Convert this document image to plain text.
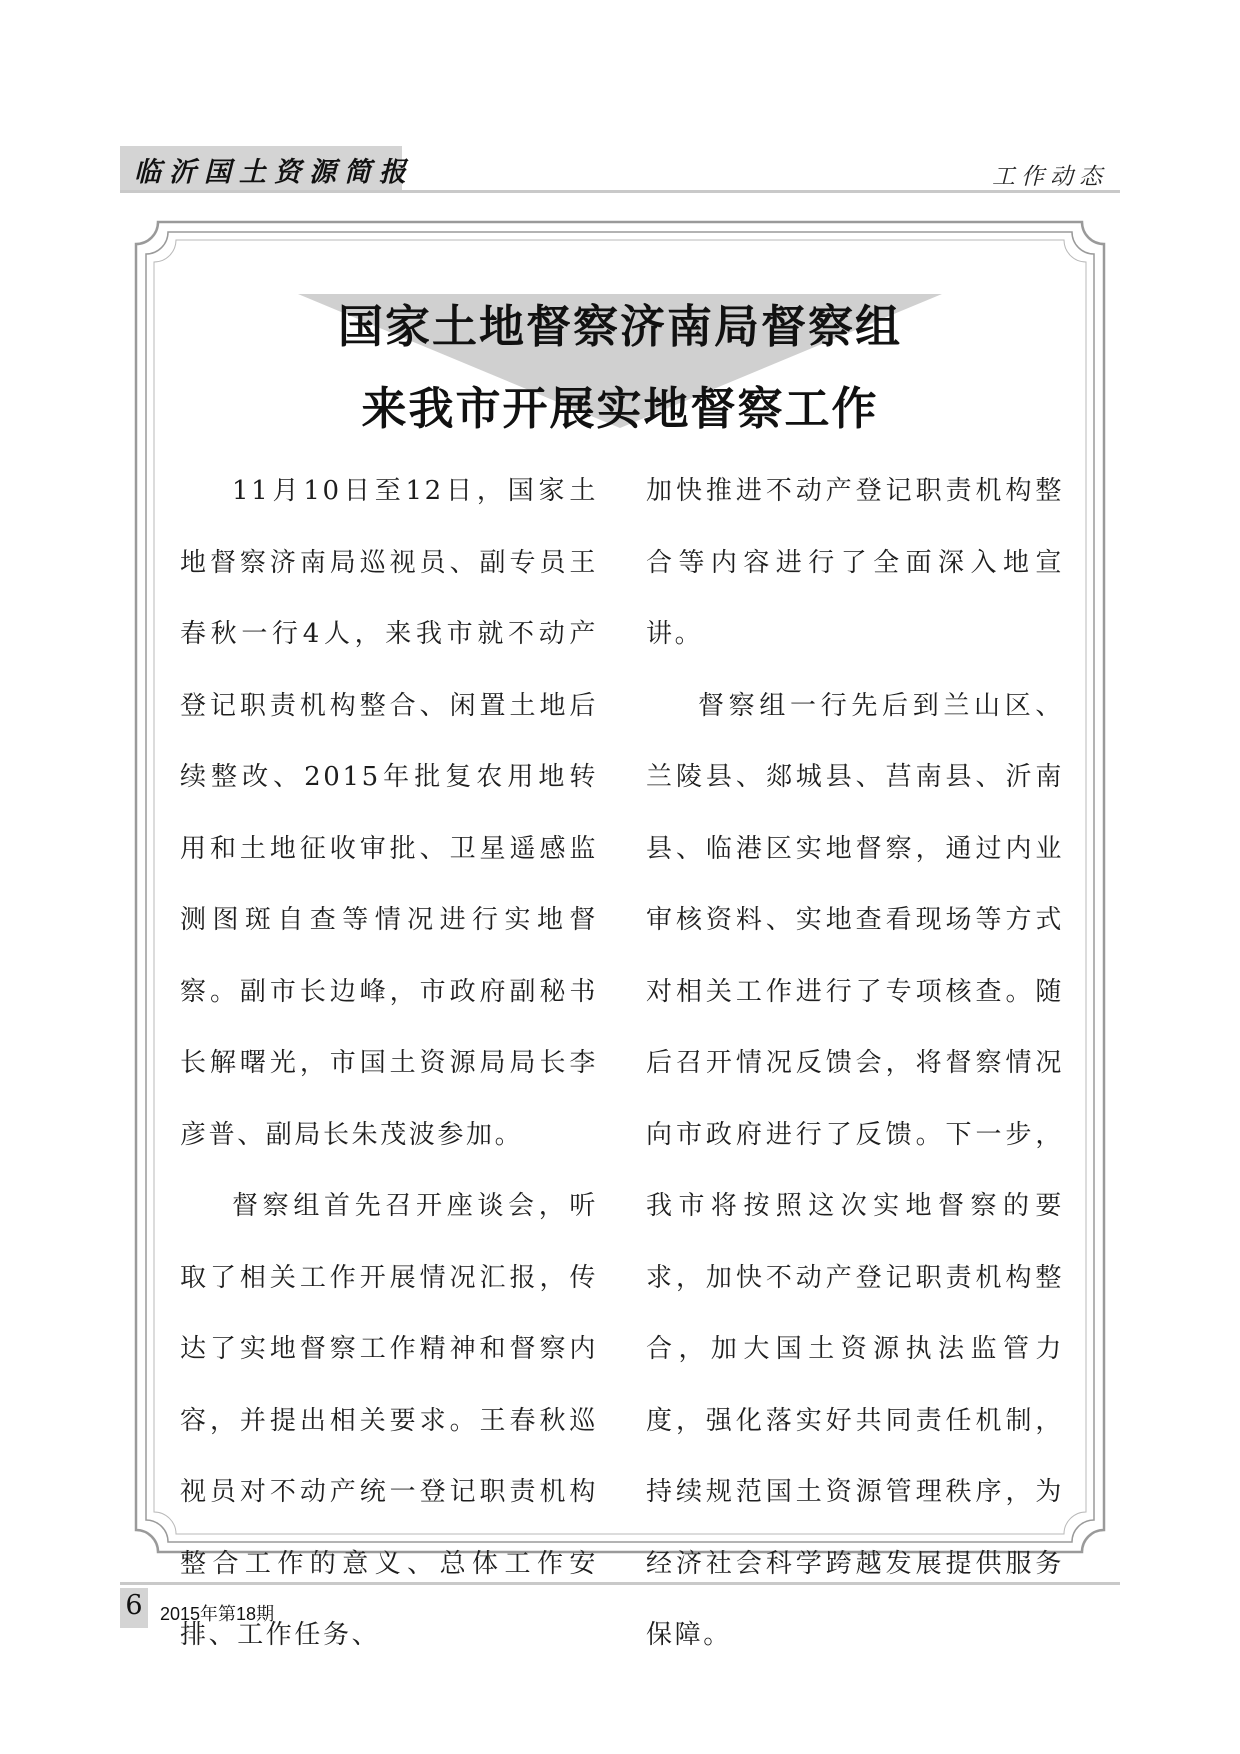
临沂国土资源简报	工作动态
国家土地督察济南局督察组
来我市开展实地督察工作

11月10日至12日，国家土地督察济南局巡视员、副专员王春秋一行4人，来我市就不动产登记职责机构整合、闲置土地后续整改、2015年批复农用地转用和土地征收审批、卫星遥感监测图斑自查等情况进行实地督察。副市长边峰，市政府副秘书长解曙光，市国土资源局局长李彦普、副局长朱茂波参加。

督察组首先召开座谈会，听取了相关工作开展情况汇报，传达了实地督察工作精神和督察内容，并提出相关要求。王春秋巡视员对不动产统一登记职责机构整合工作的意义、总体工作安排、工作任务、

加快推进不动产登记职责机构整合等内容进行了全面深入地宣讲。

督察组一行先后到兰山区、兰陵县、郯城县、莒南县、沂南县、临港区实地督察，通过内业审核资料、实地查看现场等方式对相关工作进行了专项核查。随后召开情况反馈会，将督察情况向市政府进行了反馈。下一步，我市将按照这次实地督察的要求，加快不动产登记职责机构整合，加大国土资源执法监管力度，强化落实好共同责任机制，持续规范国土资源管理秩序，为经济社会科学跨越发展提供服务保障。

6 2015年第18期
